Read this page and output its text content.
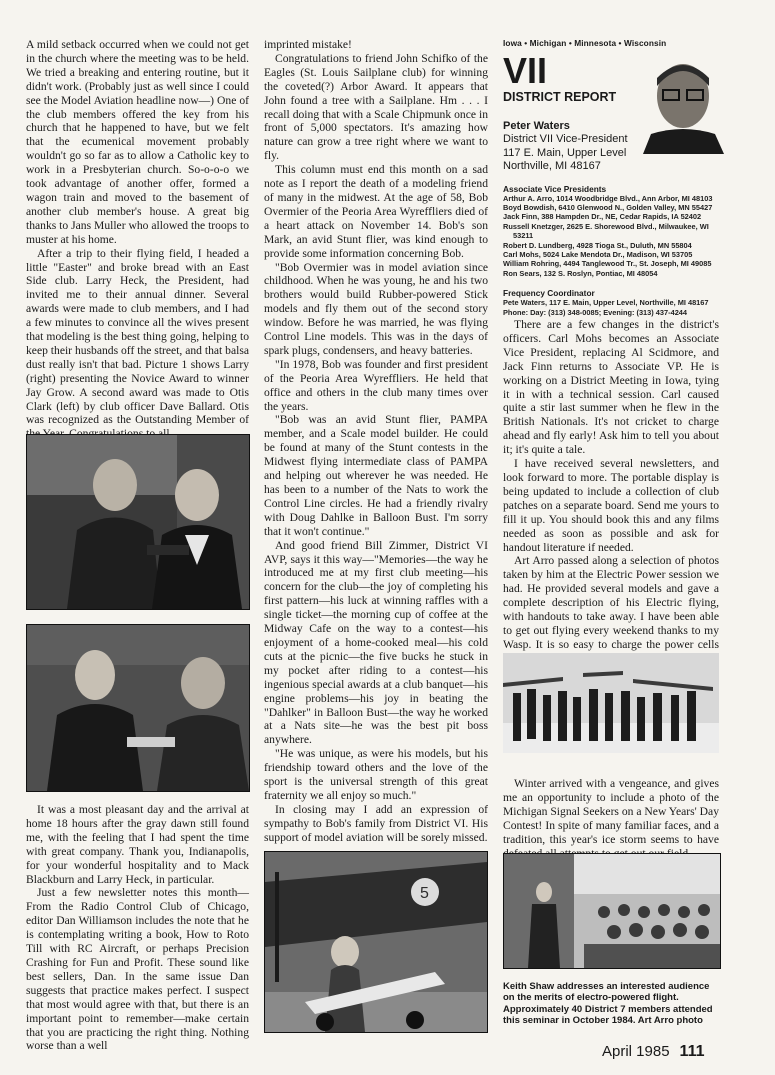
A mild setback occurred when we could not get in the church where the meeting was to be held. We tried a breaking and entering routine, but it didn't work. (Probably just as well since I could see the Model Aviation headline now—) One of the club members offered the key from his church that he happened to have, but we felt that the ecumenical movement probably wouldn't go so far as to allow a Catholic key to work in a Presbyterian church. So-o-o-o we took advantage of another offer, formed a wagon train and moved to the basement of another club member's house. A great big thanks to Jans Muller who allowed the troops to muster at his home.

After a trip to their flying field, I headed a little "Easter" and broke bread with an East Side club. Larry Heck, the President, had invited me to their annual dinner. Several awards were made to club members, and I had a few minutes to convince all the wives present that modeling is the best thing going, helping to keep their husbands off the street, and that balsa dust really isn't that bad. Picture 1 shows Larry (right) presenting the Novice Award to winner Jay Grow. A second award was made to Otis Clark (left) by club officer Dave Ballard. Otis was recognized as the Outstanding Member of

It was a most pleasant day and the arrival at home 18 hours after the gray dawn still found me, with the feeling that I had spent the time with great company. Thank you, Indianapolis, for your wonderful hospitality and to Mack Blackburn and Larry Heck, in particular.

Just a few newsletter notes this month—From the Radio Control Club of Chicago, editor Dan Williamson includes the note that he is contemplating writing a book, How to Roto Till with RC Aircraft, or perhaps Precision Crashing for Fun and Profit. These sound like best sellers, Dan. In the same issue Dan suggests that practice makes perfect. I suspect that most would agree with that, but there is an important point to remember—make certain that you are practicing the right thing. Nothing worse than a well

imprinted mistake!

Congratulations to friend John Schifko of the Eagles (St. Louis Sailplane club) for winning the coveted(?) Arbor Award. It appears that John found a tree with a Sailplane. Hm . . . I recall doing that with a Scale Chipmunk once in front of 5,000 spectators. It's amazing how nature can grow a tree right where we want to fly.

This column must end this month on a sad note as I report the death of a modeling friend of many in the midwest. At the age of 58, Bob Overmier of the Peoria Area Wyreffliers died of a heart attack on November 14. Bob's son Mark, an avid Stunt flier, was kind enough to provide some information concerning Bob.

"Bob Overmier was in model aviation since childhood. When he was young, he and his two brothers would build Rubber-powered Stick models and fly them out of the second story window. Before he was married, he was flying Control Line models. This was in the days of spark plugs, condensers, and heavy batteries.

"In 1978, Bob was founder and first president of the Peoria Area Wyreffliers. He held that office and others in the club many times over the years.

"Bob was an avid Stunt flier, PAMPA member, and a Scale model builder. He could be found at many of the Stunt contests in the Midwest flying intermediate class of PAMPA and helping out wherever he was needed. He has been to a number of the Nats to work the Control Line circles. He had a friendly rivalry with Doug Dahlke in Balloon Bust. I'm sorry that it won't continue."

And good friend Bill Zimmer, District VI AVP, says it this way—"Memories—the way he introduced me at my first club meeting—his concern for the club—the joy of completing his first pattern—his luck at winning raffles with a single ticket—the morning cup of coffee at the Midway Cafe on the way to a contest—his enjoyment of a home-cooked meal—his cold cuts at the picnic—the five bucks he stuck in my pocket after riding to a contest—his ingenious special awards at a club banquet—his engine problems—his joy in beating the "Dahlker" in Balloon Bust—the way he worked at a Nats site—he was the best pit boss anywhere.

"He was unique, as were his models, but his friendship toward others and the love of the sport is the universal strength of this great fraternity we all enjoy so much."

In closing may I add an expression of sympathy to Bob's family from District VI. His support of model aviation will be sorely missed.

5
Iowa • Michigan • Minnesota • Wisconsin
VII
DISTRICT REPORT
Peter Waters
District VII Vice-President
117 E. Main, Upper Level
Northville, MI 48167
Associate Vice Presidents
Arthur A. Arro, 1014 Woodbridge Blvd., Ann Arbor, MI 48103
Boyd Bowdish, 6410 Glenwood N., Golden Valley, MN 55427
Jack Finn, 388 Hampden Dr., NE, Cedar Rapids, IA 52402
Russell Knetzger, 2625 E. Shorewood Blvd., Milwaukee, WI
53211
Robert D. Lundberg, 4928 Tioga St., Duluth, MN 55804
Carl Mohs, 5024 Lake Mendota Dr., Madison, WI 53705
William Rohring, 4494 Tanglewood Tr., St. Joseph, MI 49085
Ron Sears, 132 S. Roslyn, Pontiac, MI 48054
Frequency Coordinator
Pete Waters, 117 E. Main, Upper Level, Northville, MI 48167
Phone: Day: (313) 348-0085; Evening: (313) 437-4244

There are a few changes in the district's officers. Carl Mohs becomes an Associate Vice President, replacing Al Scidmore, and Jack Finn returns to Associate VP. He is working on a District Meeting in Iowa, tying it in with a technical session. Carl caused quite a stir last summer when he flew in the British Nationals. It's not cricket to charge ahead and fly early! Ask him to tell you about it; it's quite a tale.

I have received several newsletters, and look forward to more. The portable display is being updated to include a collection of club patches on a separate board. Send me yours to fill it up. You should book this and any films needed as soon as possible and ask for handout literature if needed.

Art Arro passed along a selection of photos taken by him at the Electric Power session we had. He provided several models and gave a complete description of his Electric flying, with handouts to take away. I have been able to get out flying every weekend thanks to my Wasp. It is so easy to charge the power cells

Winter arrived with a vengeance, and gives me an opportunity to include a photo of the Michigan Signal Seekers on a New Years' Day Contest! In spite of many familiar faces, and a tradition, this year's ice storm seems to have

Keith Shaw addresses an interested audience on the merits of electro-powered flight. Approximately 40 District 7 members attended this seminar in October 1984. Art Arro photo
April 1985 111
